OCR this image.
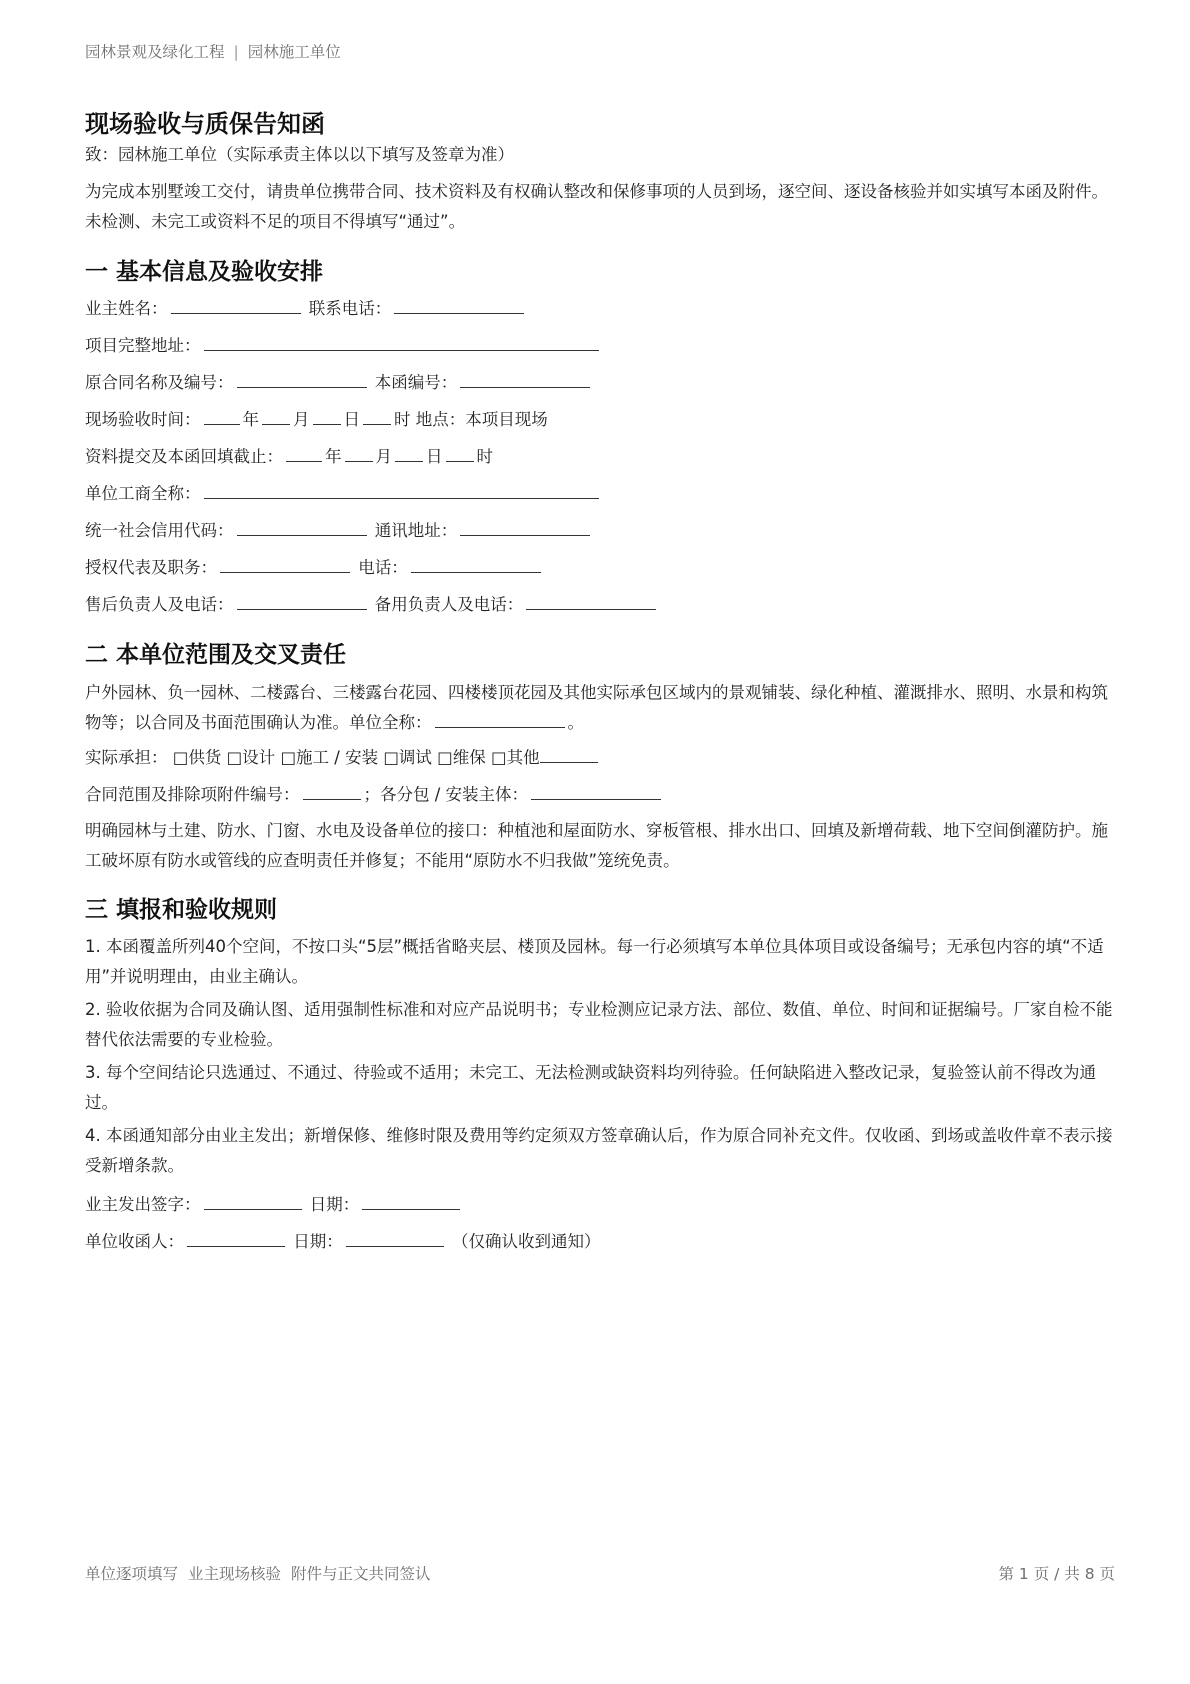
园林景观及绿化工程 | 园林施工单位
现场验收与质保告知函

致：园林施工单位（实际承责主体以以下填写及签章为准）

为完成本别墅竣工交付，请贵单位携带合同、技术资料及有权确认整改和保修事项的人员到场，逐空间、逐设备核验并如实填写本函及附件。未检测、未完工或资料不足的项目不得填写“通过”。

一 基本信息及验收安排
业主姓名：	联系电话：
项目完整地址：
原合同名称及编号：	本函编号：
现场验收时间：	年 月 日 时 地点：本项目现场
资料提交及本函回填截止：	年 月 日 时
单位工商全称：
统一社会信用代码：	通讯地址：
授权代表及职务：	电话：
售后负责人及电话：	备用负责人及电话：
二 本单位范围及交叉责任

户外园林、负一园林、二楼露台、三楼露台花园、四楼楼顶花园及其他实际承包区域内的景观铺装、绿化种植、灌溉排水、照明、水景和构筑物等；以合同及书面范围确认为准。单位全称：	。

实际承担： □供货 □设计 □施工 / 安装 □调试 □维保 □其他
合同范围及排除项附件编号：	；各分包 / 安装主体：

明确园林与土建、防水、门窗、水电及设备单位的接口：种植池和屋面防水、穿板管根、排水出口、回填及新增荷载、地下空间倒灌防护。施工破坏原有防水或管线的应查明责任并修复；不能用“原防水不归我做”笼统免责。

三 填报和验收规则

1. 本函覆盖所列40个空间，不按口头“5层”概括省略夹层、楼顶及园林。每一行必须填写本单位具体项目或设备编号；无承包内容的填“不适用”并说明理由，由业主确认。

2. 验收依据为合同及确认图、适用强制性标准和对应产品说明书；专业检测应记录方法、部位、数值、单位、时间和证据编号。厂家自检不能替代依法需要的专业检验。

3. 每个空间结论只选通过、不通过、待验或不适用；未完工、无法检测或缺资料均列待验。任何缺陷进入整改记录，复验签认前不得改为通过。

4. 本函通知部分由业主发出；新增保修、维修时限及费用等约定须双方签章确认后，作为原合同补充文件。仅收函、到场或盖收件章不表示接受新增条款。

业主发出签字：	日期：
单位收函人：	日期：	（仅确认收到通知）
单位逐项填写 业主现场核验 附件与正文共同签认	第 1 页 / 共 8 页
